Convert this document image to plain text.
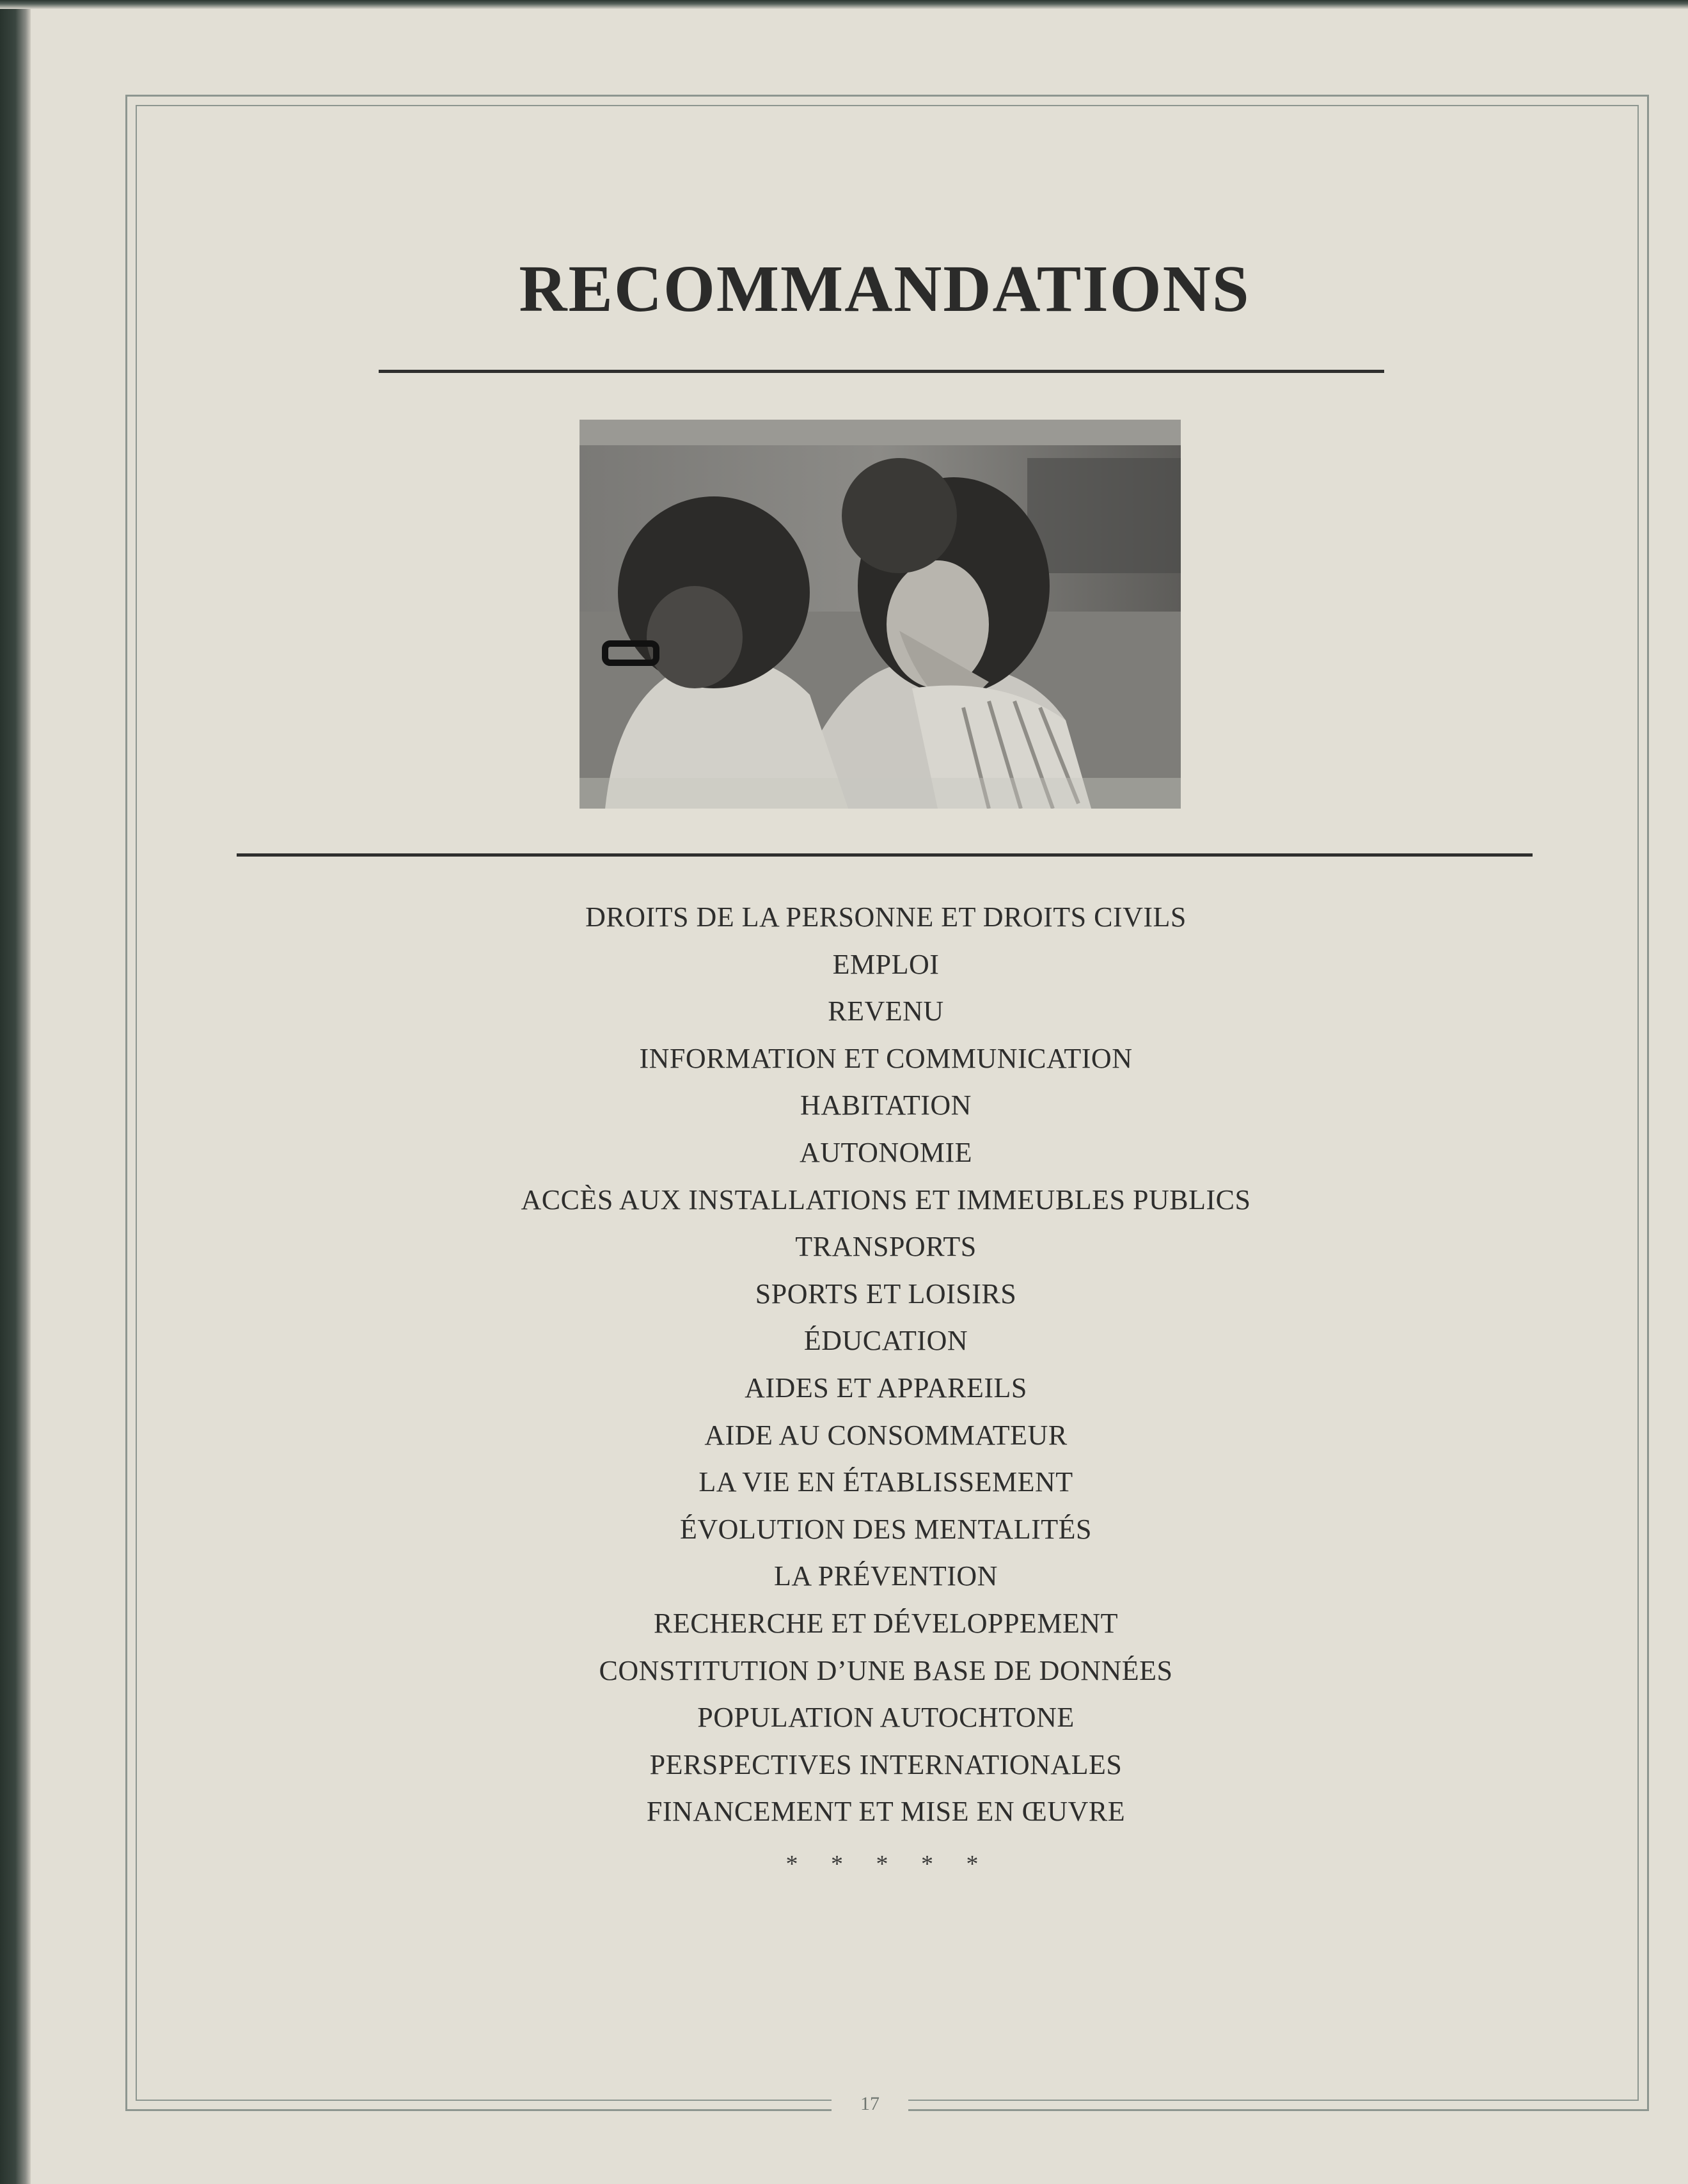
17
RECOMMANDATIONS
DROITS DE LA PERSONNE ET DROITS CIVILS
EMPLOI
REVENU
INFORMATION ET COMMUNICATION
HABITATION
AUTONOMIE
ACCÈS AUX INSTALLATIONS ET IMMEUBLES PUBLICS
TRANSPORTS
SPORTS ET LOISIRS
ÉDUCATION
AIDES ET APPAREILS
AIDE AU CONSOMMATEUR
LA VIE EN ÉTABLISSEMENT
ÉVOLUTION DES MENTALITÉS
LA PRÉVENTION
RECHERCHE ET DÉVELOPPEMENT
CONSTITUTION D’UNE BASE DE DONNÉES
POPULATION AUTOCHTONE
PERSPECTIVES INTERNATIONALES
FINANCEMENT ET MISE EN ŒUVRE
* * * * *
